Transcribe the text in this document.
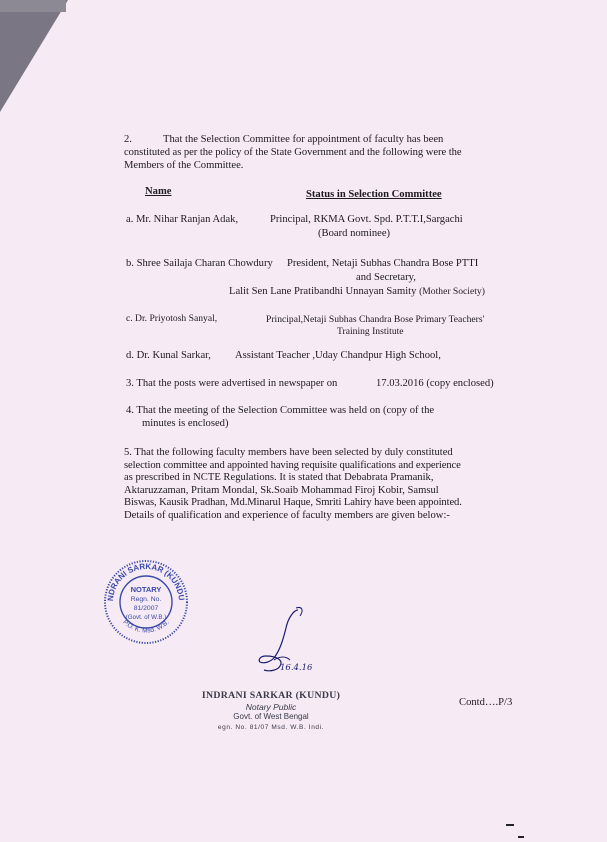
2.	That the Selection Committee for appointment of faculty has been
constituted as per the policy of the State Government and the following were the
Members of the Committee.
Name	Status in Selection Committee
a. Mr. Nihar Ranjan Adak,	Principal, RKMA Govt. Spd. P.T.T.I,Sargachi
(Board nominee)
b. Shree Sailaja Charan Chowdury President, Netaji Subhas Chandra Bose PTTI
and Secretary,
Lalit Sen Lane Pratibandhi Unnayan Samity (Mother Society)
c. Dr. Priyotosh Sanyal,	Principal,Netaji Subhas Chandra Bose Primary Teachers'
Training Institute
d. Dr. Kunal Sarkar, Assistant Teacher ,Uday Chandpur High School,
3. That the posts were advertised in newspaper on	17.03.2016 (copy enclosed)
4. That the meeting of the Selection Committee was held on (copy of the
minutes is enclosed)
5. That the following faculty members have been selected by duly constituted
selection committee and appointed having requisite qualifications and experience
as prescribed in NCTE Regulations. It is stated that Debabrata Pramanik,
Aktaruzzaman, Pritam Mondal, Sk.Soaib Mohammad Firoj Kobir, Samsul
Biswas, Kausik Pradhan, Md.Minarul Haque, Smriti Lahiry have been appointed.
Details of qualification and experience of faculty members are given below:-
NDRANI SARKAR (KUNDU
P.O. K. Msd. W.B.
NOTARY
Regn. No.
81/2007
(Govt. of W.B.)
16.4.16
INDRANI SARKAR (KUNDU)
Notary Public
Govt. of West Bengal
egn. No. 81/07 Msd. W.B. Indi.
Contd….P/3
